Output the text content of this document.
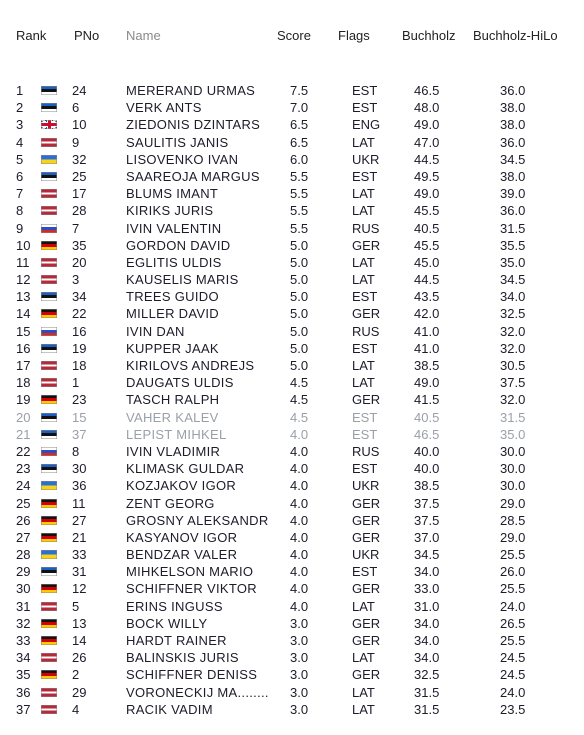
Rank PNo Name	Score Flags Buchholz Buchholz-HiLo
1	24	MERERAND URMAS	7.5	EST	46.5	36.0
2	6	VERK ANTS	7.0	EST	48.0	38.0
3	10	ZIEDONIS DZINTARS 6.5	ENG	49.0	38.0
4	9	SAULITIS JANIS	6.5	LAT	47.0	36.0
5	32	LISOVENKO IVAN	6.0	UKR	44.5	34.5
6	25	SAAREOJA MARGUS 5.5	EST	49.5	38.0
7	17	BLUMS IMANT	5.5	LAT	49.0	39.0
8	28	KIRIKS JURIS	5.5	LAT	45.5	36.0
9	7	IVIN VALENTIN	5.5	RUS	40.5	31.5
10	35	GORDON DAVID	5.0	GER	45.5	35.5
11	20	EGLITIS ULDIS	5.0	LAT	45.0	35.0
12	3	KAUSELIS MARIS	5.0	LAT	44.5	34.5
13	34	TREES GUIDO	5.0	EST	43.5	34.0
14	22	MILLER DAVID	5.0	GER	42.0	32.5
15	16	IVIN DAN	5.0	RUS	41.0	32.0
16	19	KUPPER JAAK	5.0	EST	41.0	32.0
17	18	KIRILOVS ANDREJS	5.0	LAT	38.5	30.5
18	1	DAUGATS ULDIS	4.5	LAT	49.0	37.5
19	23	TASCH RALPH	4.5	GER	41.5	32.0
20	15	VAHER KALEV	4.5	EST	40.5	31.5
21	37	LEPIST MIHKEL	4.0	EST	46.5	35.0
22	8	IVIN VLADIMIR	4.0	RUS	40.0	30.0
23	30	KLIMASK GULDAR	4.0	EST	40.0	30.0
24	36	KOZJAKOV IGOR	4.0	UKR	38.5	30.0
25	11	ZENT GEORG	4.0	GER	37.5	29.0
26	27	GROSNY ALEKSANDR 4.0	GER	37.5	28.5
27	21	KASYANOV IGOR	4.0	GER	37.0	29.0
28	33	BENDZAR VALER	4.0	UKR	34.5	25.5
29	31	MIHKELSON MARIO	4.0	EST	34.0	26.0
30	12	SCHIFFNER VIKTOR	4.0	GER	33.0	25.5
31	5	ERINS INGUSS	4.0	LAT	31.0	24.0
32	13	BOCK WILLY	3.0	GER	34.0	26.5
33	14	HARDT RAINER	3.0	GER	34.0	25.5
34	26	BALINSKIS JURIS	3.0	LAT	34.0	24.5
35	2	SCHIFFNER DENISS	3.0	GER	32.5	24.5
36	29	VORONECKIJ MA........ 3.0	LAT	31.5	24.0
37	4	RACIK VADIM	3.0	LAT	31.5	23.5
